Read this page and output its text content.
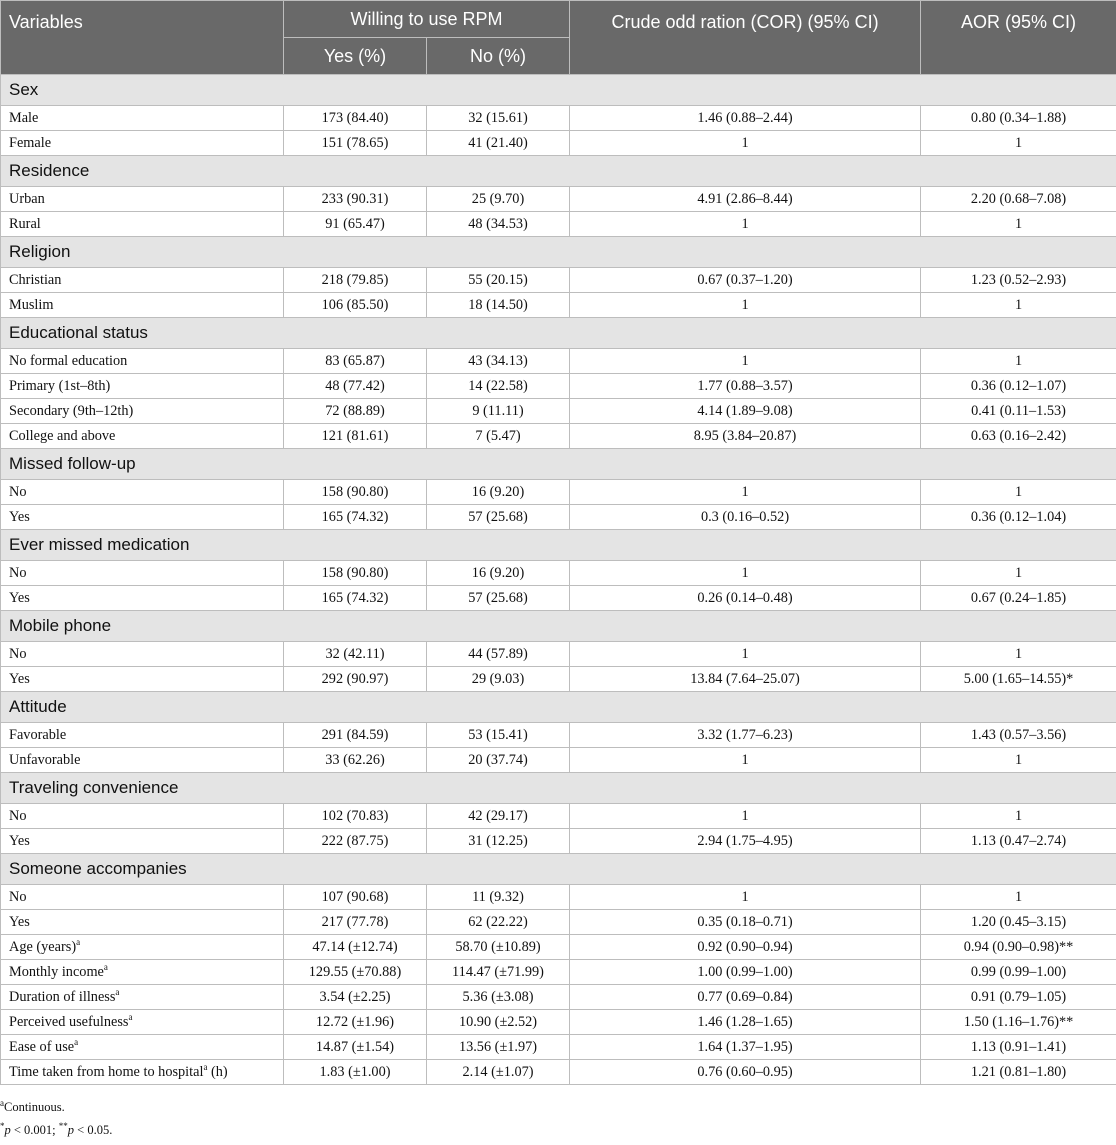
Variables	Willing to use RPM		Crude odd ration (COR) (95% CI)	AOR (95% CI)
	Yes (%)	No (%)		
Sex				
Male	173 (84.40)	32 (15.61)	1.46 (0.88–2.44)	0.80 (0.34–1.88)
Female	151 (78.65)	41 (21.40)	1	1
Residence				
Urban	233 (90.31)	25 (9.70)	4.91 (2.86–8.44)	2.20 (0.68–7.08)
Rural	91 (65.47)	48 (34.53)	1	1
Religion				
Christian	218 (79.85)	55 (20.15)	0.67 (0.37–1.20)	1.23 (0.52–2.93)
Muslim	106 (85.50)	18 (14.50)	1	1
Educational status				
No formal education	83 (65.87)	43 (34.13)	1	1
Primary (1st–8th)	48 (77.42)	14 (22.58)	1.77 (0.88–3.57)	0.36 (0.12–1.07)
Secondary (9th–12th)	72 (88.89)	9 (11.11)	4.14 (1.89–9.08)	0.41 (0.11–1.53)
College and above	121 (81.61)	7 (5.47)	8.95 (3.84–20.87)	0.63 (0.16–2.42)
Missed follow-up				
No	158 (90.80)	16 (9.20)	1	1
Yes	165 (74.32)	57 (25.68)	0.3 (0.16–0.52)	0.36 (0.12–1.04)
Ever missed medication				
No	158 (90.80)	16 (9.20)	1	1
Yes	165 (74.32)	57 (25.68)	0.26 (0.14–0.48)	0.67 (0.24–1.85)
Mobile phone				
No	32 (42.11)	44 (57.89)	1	1
Yes	292 (90.97)	29 (9.03)	13.84 (7.64–25.07)	5.00 (1.65–14.55)*
Attitude				
Favorable	291 (84.59)	53 (15.41)	3.32 (1.77–6.23)	1.43 (0.57–3.56)
Unfavorable	33 (62.26)	20 (37.74)	1	1
Traveling convenience				
No	102 (70.83)	42 (29.17)	1	1
Yes	222 (87.75)	31 (12.25)	2.94 (1.75–4.95)	1.13 (0.47–2.74)
Someone accompanies				
No	107 (90.68)	11 (9.32)	1	1
Yes	217 (77.78)	62 (22.22)	0.35 (0.18–0.71)	1.20 (0.45–3.15)
Age (years)$^a$	47.14 (±12.74)	58.70 (±10.89)	0.92 (0.90–0.94)	0.94 (0.90–0.98)**
Monthly income$^a$	129.55 (±70.88)	114.47 (±71.99)	1.00 (0.99–1.00)	0.99 (0.99–1.00)
Duration of illness$^a$	3.54 (±2.25)	5.36 (±3.08)	0.77 (0.69–0.84)	0.91 (0.79–1.05)
Perceived usefulness$^a$	12.72 (±1.96)	10.90 (±2.52)	1.46 (1.28–1.65)	1.50 (1.16–1.76)**
Ease of use$^a$	14.87 (±1.54)	13.56 (±1.97)	1.64 (1.37–1.95)	1.13 (0.91–1.41)
Time taken from home to hospital$^a$ (h)	1.83 (±1.00)	2.14 (±1.07)	0.76 (0.60–0.95)	1.21 (0.81–1.80)
$^a$Continuous.
*p < 0.001; **p < 0.05.
